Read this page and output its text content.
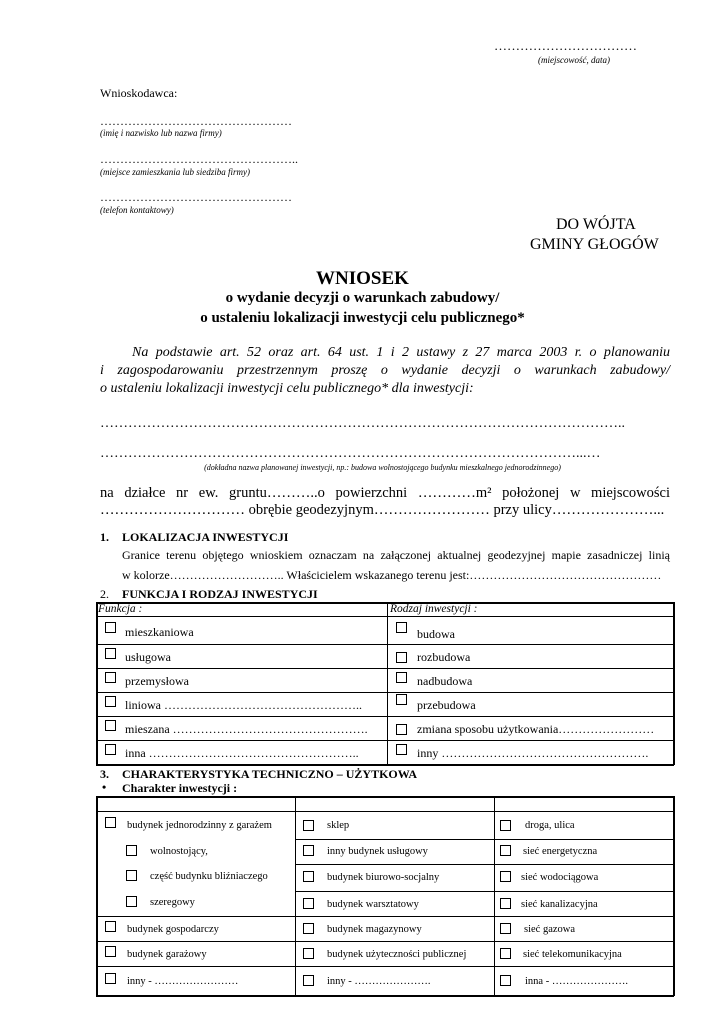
……………………………
(miejscowość, data)
Wnioskodawca:
…………………………………………
(imię i nazwisko lub nazwa firmy)
…………………………………………..
(miejsce zamieszkania lub siedziba firmy)
…………………………………………
(telefon kontaktowy)
DO WÓJTA
GMINY GŁOGÓW
WNIOSEK
o wydanie decyzji o warunkach zabudowy/
o ustaleniu lokalizacji inwestycji celu publicznego*
Na podstawie art. 52 oraz art. 64 ust. 1 i 2 ustawy z 27 marca 2003 r. o planowaniu
i zagospodarowaniu przestrzennym proszę o wydanie decyzji o warunkach zabudowy/
o ustaleniu lokalizacji inwestycji celu publicznego* dla inwestycji:
…………………………………………………………………………………………………..
…………………………………………………………………………………………...…
(dokładna nazwa planowanej inwestycji, np.: budowa wolnostojącego budynku mieszkalnego jednorodzinnego)
na działce nr ew. gruntu………..o powierzchni …………m² położonej w miejscowości
………………………… obrębie geodezyjnym…………………… przy ulicy…………………...
1. LOKALIZACJA INWESTYCJI
Granice terenu objętego wnioskiem oznaczam na załączonej aktualnej geodezyjnej mapie zasadniczej linią
w kolorze……………………….. Właścicielem wskazanego terenu jest:…………………………………………
2. FUNKCJA I RODZAJ INWESTYCJI
Funkcja :	Rodzaj inwestycji :
mieszkaniowa
usługowa
przemysłowa
liniowa …………………………………………..
mieszana ………………………………………….
inna ……………………………………………..
budowa
rozbudowa
nadbudowa
przebudowa
zmiana sposobu użytkowania……………………
inny …………………………………………….
3. CHARAKTERYSTYKA TECHNICZNO – UŻYTKOWA
• Charakter inwestycji :
budynek jednorodzinny z garażem
wolnostojący,
część budynku bliźniaczego
szeregowy
budynek gospodarczy
budynek garażowy
inny - ……………………
sklep
inny budynek usługowy
budynek biurowo-socjalny
budynek warsztatowy
budynek magazynowy
budynek użyteczności publicznej
inny - ………………….
droga, ulica
sieć energetyczna
sieć wodociągowa
sieć kanalizacyjna
sieć gazowa
sieć telekomunikacyjna
inna - ………………….
